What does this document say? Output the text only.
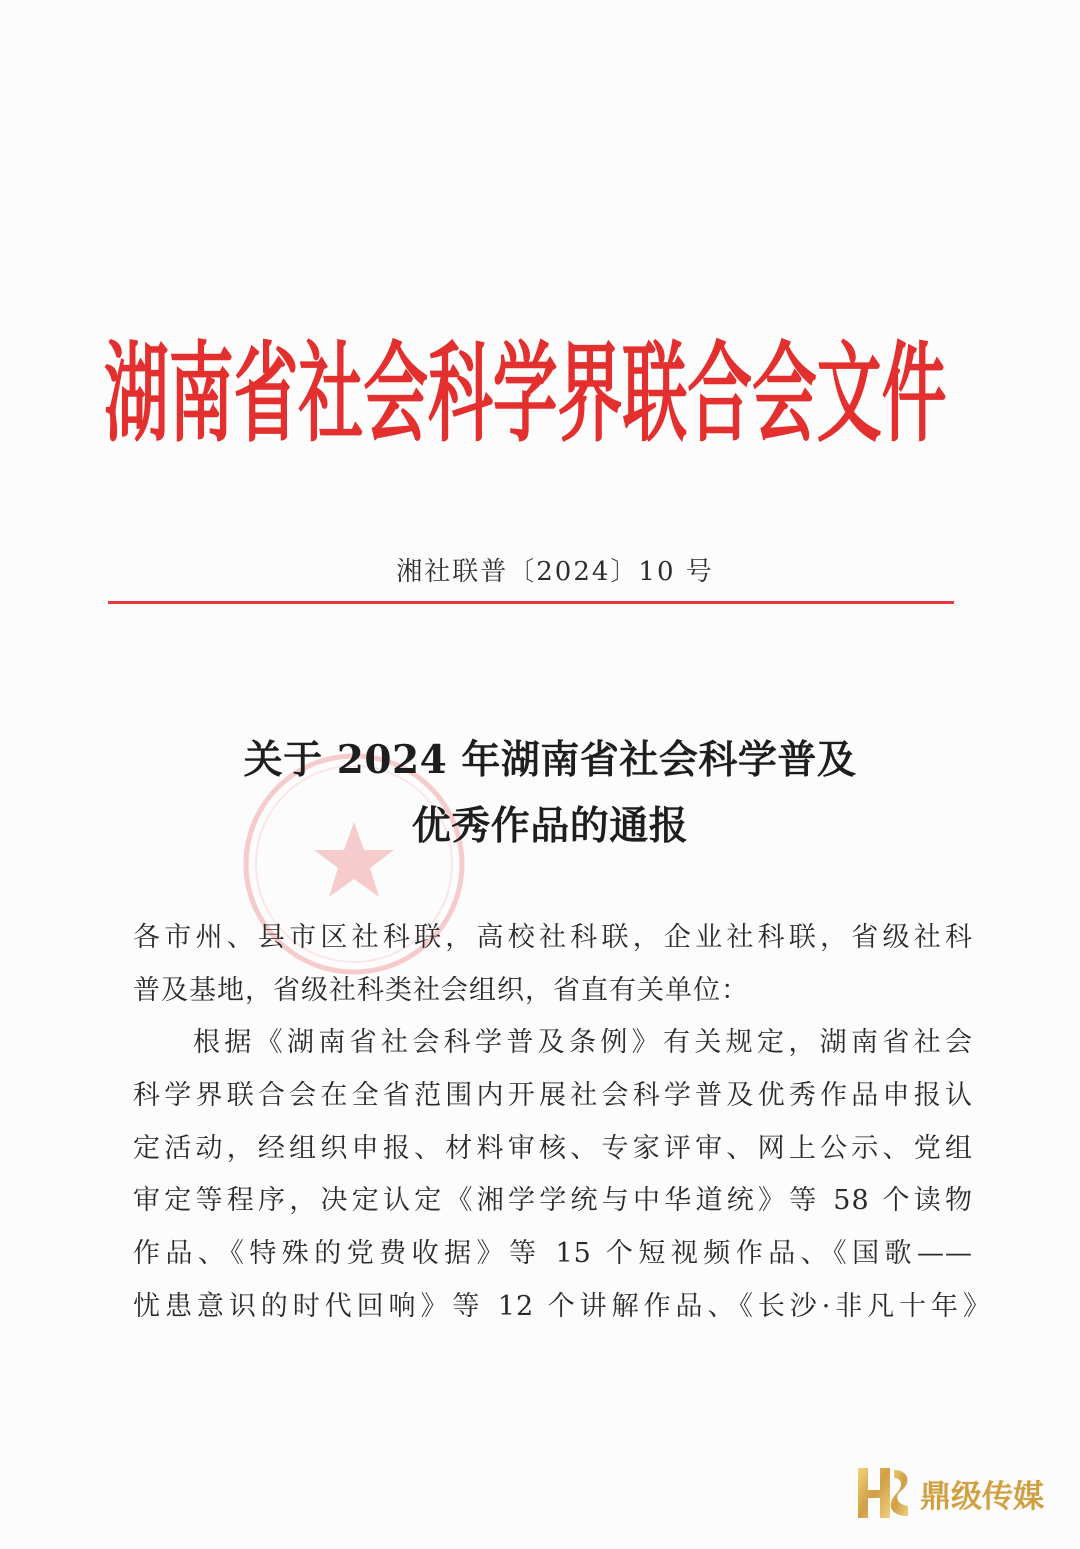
湖南省社会科学界联合会文件
湘社联普〔2024〕10 号
关于 2024 年湖南省社会科学普及
优秀作品的通报
各市州、县市区社科联，高校社科联，企业社科联，省级社科
普及基地，省级社科类社会组织，省直有关单位：
根据《湖南省社会科学普及条例》有关规定，湖南省社会
科学界联合会在全省范围内开展社会科学普及优秀作品申报认
定活动，经组织申报、材料审核、专家评审、网上公示、党组
审定等程序，决定认定《湘学学统与中华道统》等 58 个读物
作品、《特殊的党费收据》等 15 个短视频作品、《国歌——
忧患意识的时代回响》等 12 个讲解作品、《长沙·非凡十年》
鼎级传媒
